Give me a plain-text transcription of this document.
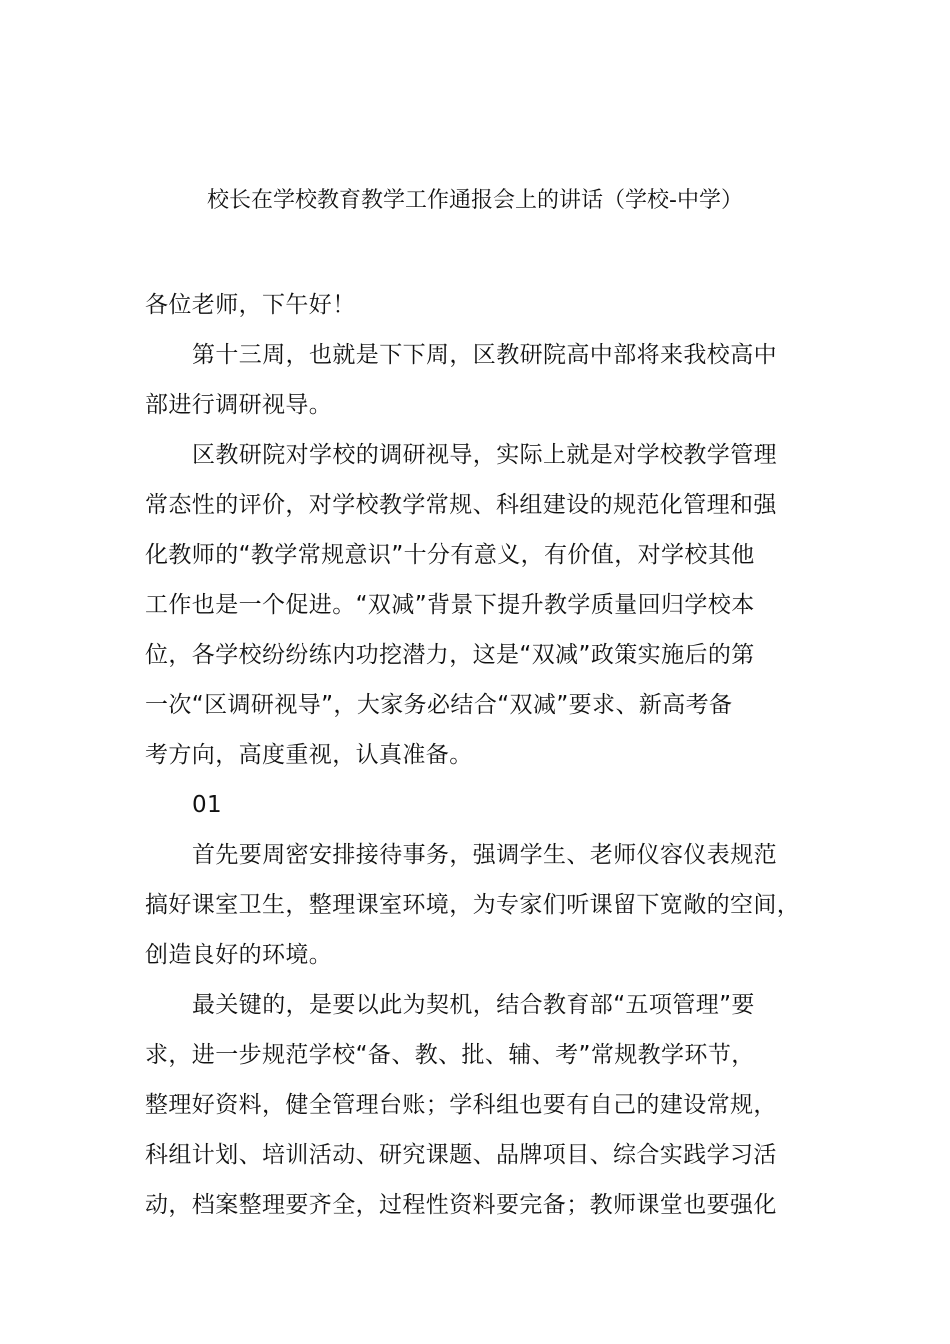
校长在学校教育教学工作通报会上的讲话（学校-中学）
各位老师，下午好！
第十三周，也就是下下周，区教研院高中部将来我校高中
部进行调研视导。
区教研院对学校的调研视导，实际上就是对学校教学管理
常态性的评价，对学校教学常规、科组建设的规范化管理和强
化教师的“教学常规意识”十分有意义，有价值，对学校其他
工作也是一个促进。“双减”背景下提升教学质量回归学校本
位，各学校纷纷练内功挖潜力，这是“双减”政策实施后的第
一次“区调研视导”，大家务必结合“双减”要求、新高考备
考方向，高度重视，认真准备。
01
首先要周密安排接待事务，强调学生、老师仪容仪表规范
搞好课室卫生，整理课室环境，为专家们听课留下宽敞的空间，
创造良好的环境。
最关键的，是要以此为契机，结合教育部“五项管理”要
求，进一步规范学校“备、教、批、辅、考”常规教学环节，
整理好资料，健全管理台账；学科组也要有自己的建设常规，
科组计划、培训活动、研究课题、品牌项目、综合实践学习活
动，档案整理要齐全，过程性资料要完备；教师课堂也要强化
